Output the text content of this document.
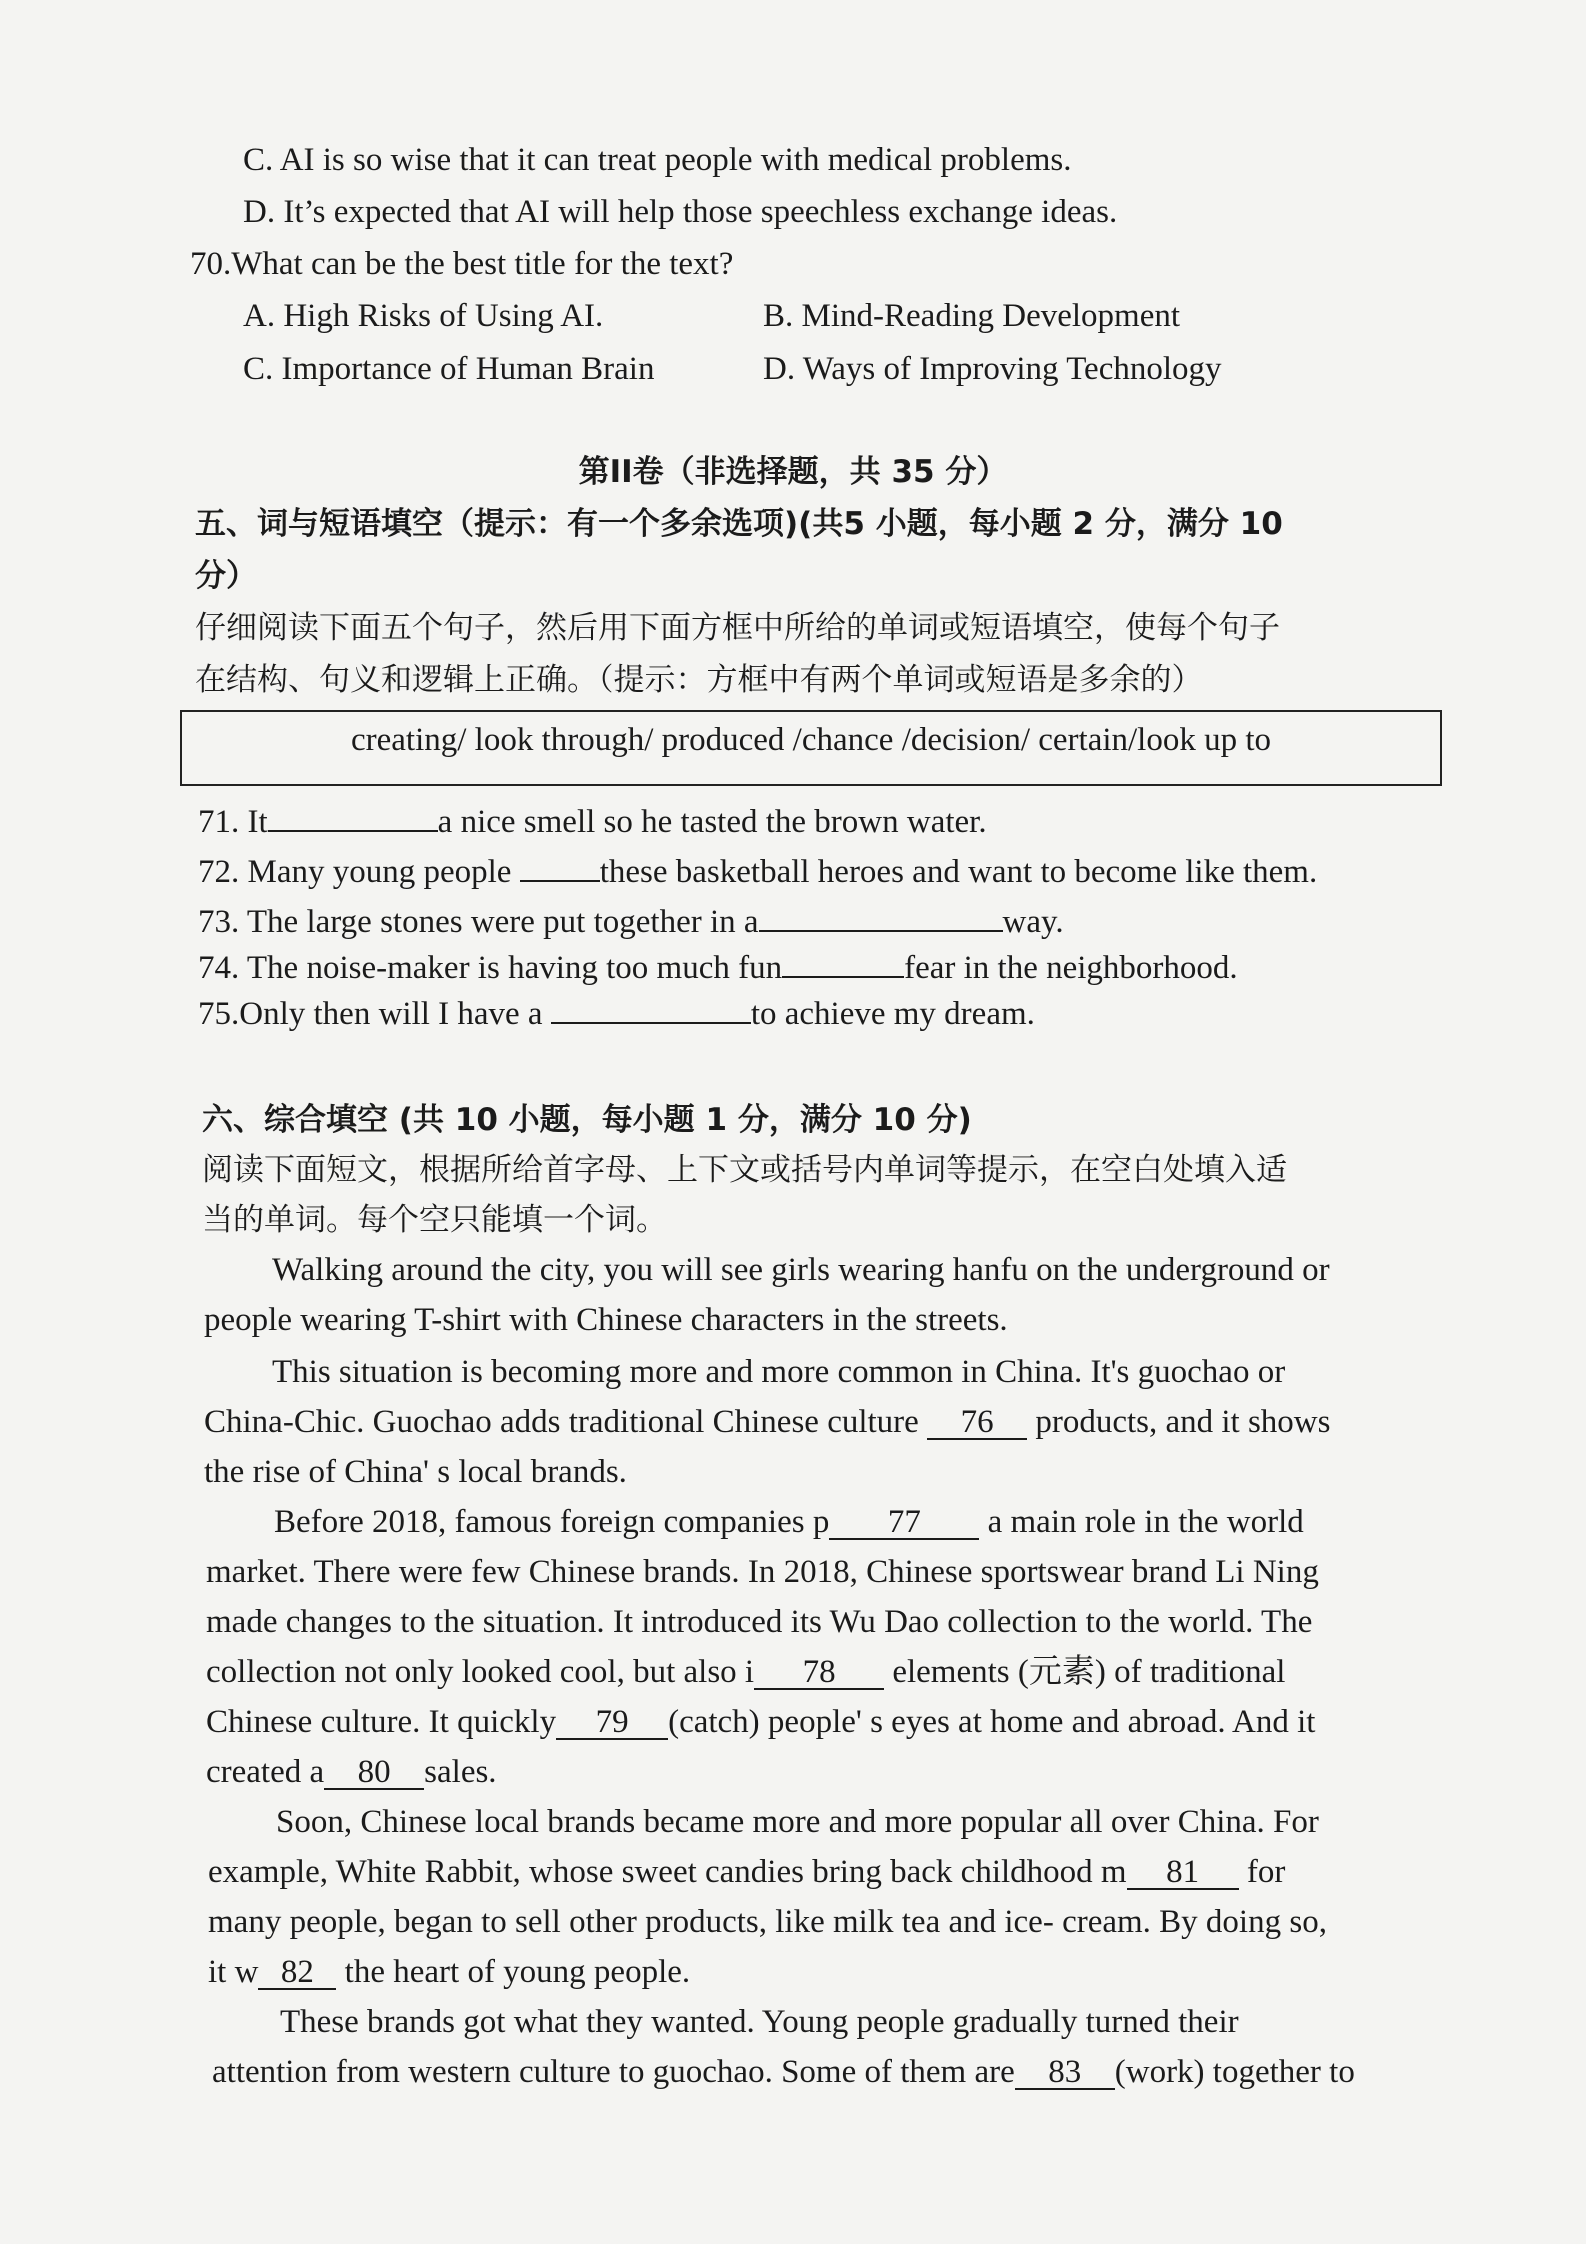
C. AI is so wise that it can treat people with medical problems.
D. It’s expected that AI will help those speechless exchange ideas.
70.What can be the best title for the text?
A. High Risks of Using AI.	B. Mind-Reading Development
C. Importance of Human Brain	D. Ways of Improving Technology
第II卷（非选择题，共 35 分）
五、词与短语填空（提示：有一个多余选项)(共5 小题，每小题 2 分，满分 10
分）
仔细阅读下面五个句子，然后用下面方框中所给的单词或短语填空，使每个句子
在结构、句义和逻辑上正确。（提示：方框中有两个单词或短语是多余的）
creating/ look through/ produced /chance /decision/ certain/look up to
71. It	a nice smell so he tasted the brown water.
72. Many young people these basketball heroes and want to become like them.
73. The large stones were put together in a	way.
74. The noise-maker is having too much fun	fear in the neighborhood.
75.Only then will I have a	to achieve my dream.
六、综合填空 (共 10 小题，每小题 1 分，满分 10 分)
阅读下面短文，根据所给首字母、上下文或括号内单词等提示，在空白处填入适
当的单词。每个空只能填一个词。
Walking around the city, you will see girls wearing hanfu on the underground or
people wearing T-shirt with Chinese characters in the streets.
This situation is becoming more and more common in China. It's guochao or
China-Chic. Guochao adds traditional Chinese culture 76 products, and it shows
the rise of China' s local brands.
Before 2018, famous foreign companies p 77 a main role in the world
market. There were few Chinese brands. In 2018, Chinese sportswear brand Li Ning
made changes to the situation. It introduced its Wu Dao collection to the world. The
collection not only looked cool, but also i 78 elements (元素) of traditional
Chinese culture. It quickly 79 (catch) people' s eyes at home and abroad. And it
created a 80 sales.
Soon, Chinese local brands became more and more popular all over China. For
example, White Rabbit, whose sweet candies bring back childhood m 81 for
many people, began to sell other products, like milk tea and ice- cream. By doing so,
it w 82 the heart of young people.
These brands got what they wanted. Young people gradually turned their
attention from western culture to guochao. Some of them are 83 (work) together to
